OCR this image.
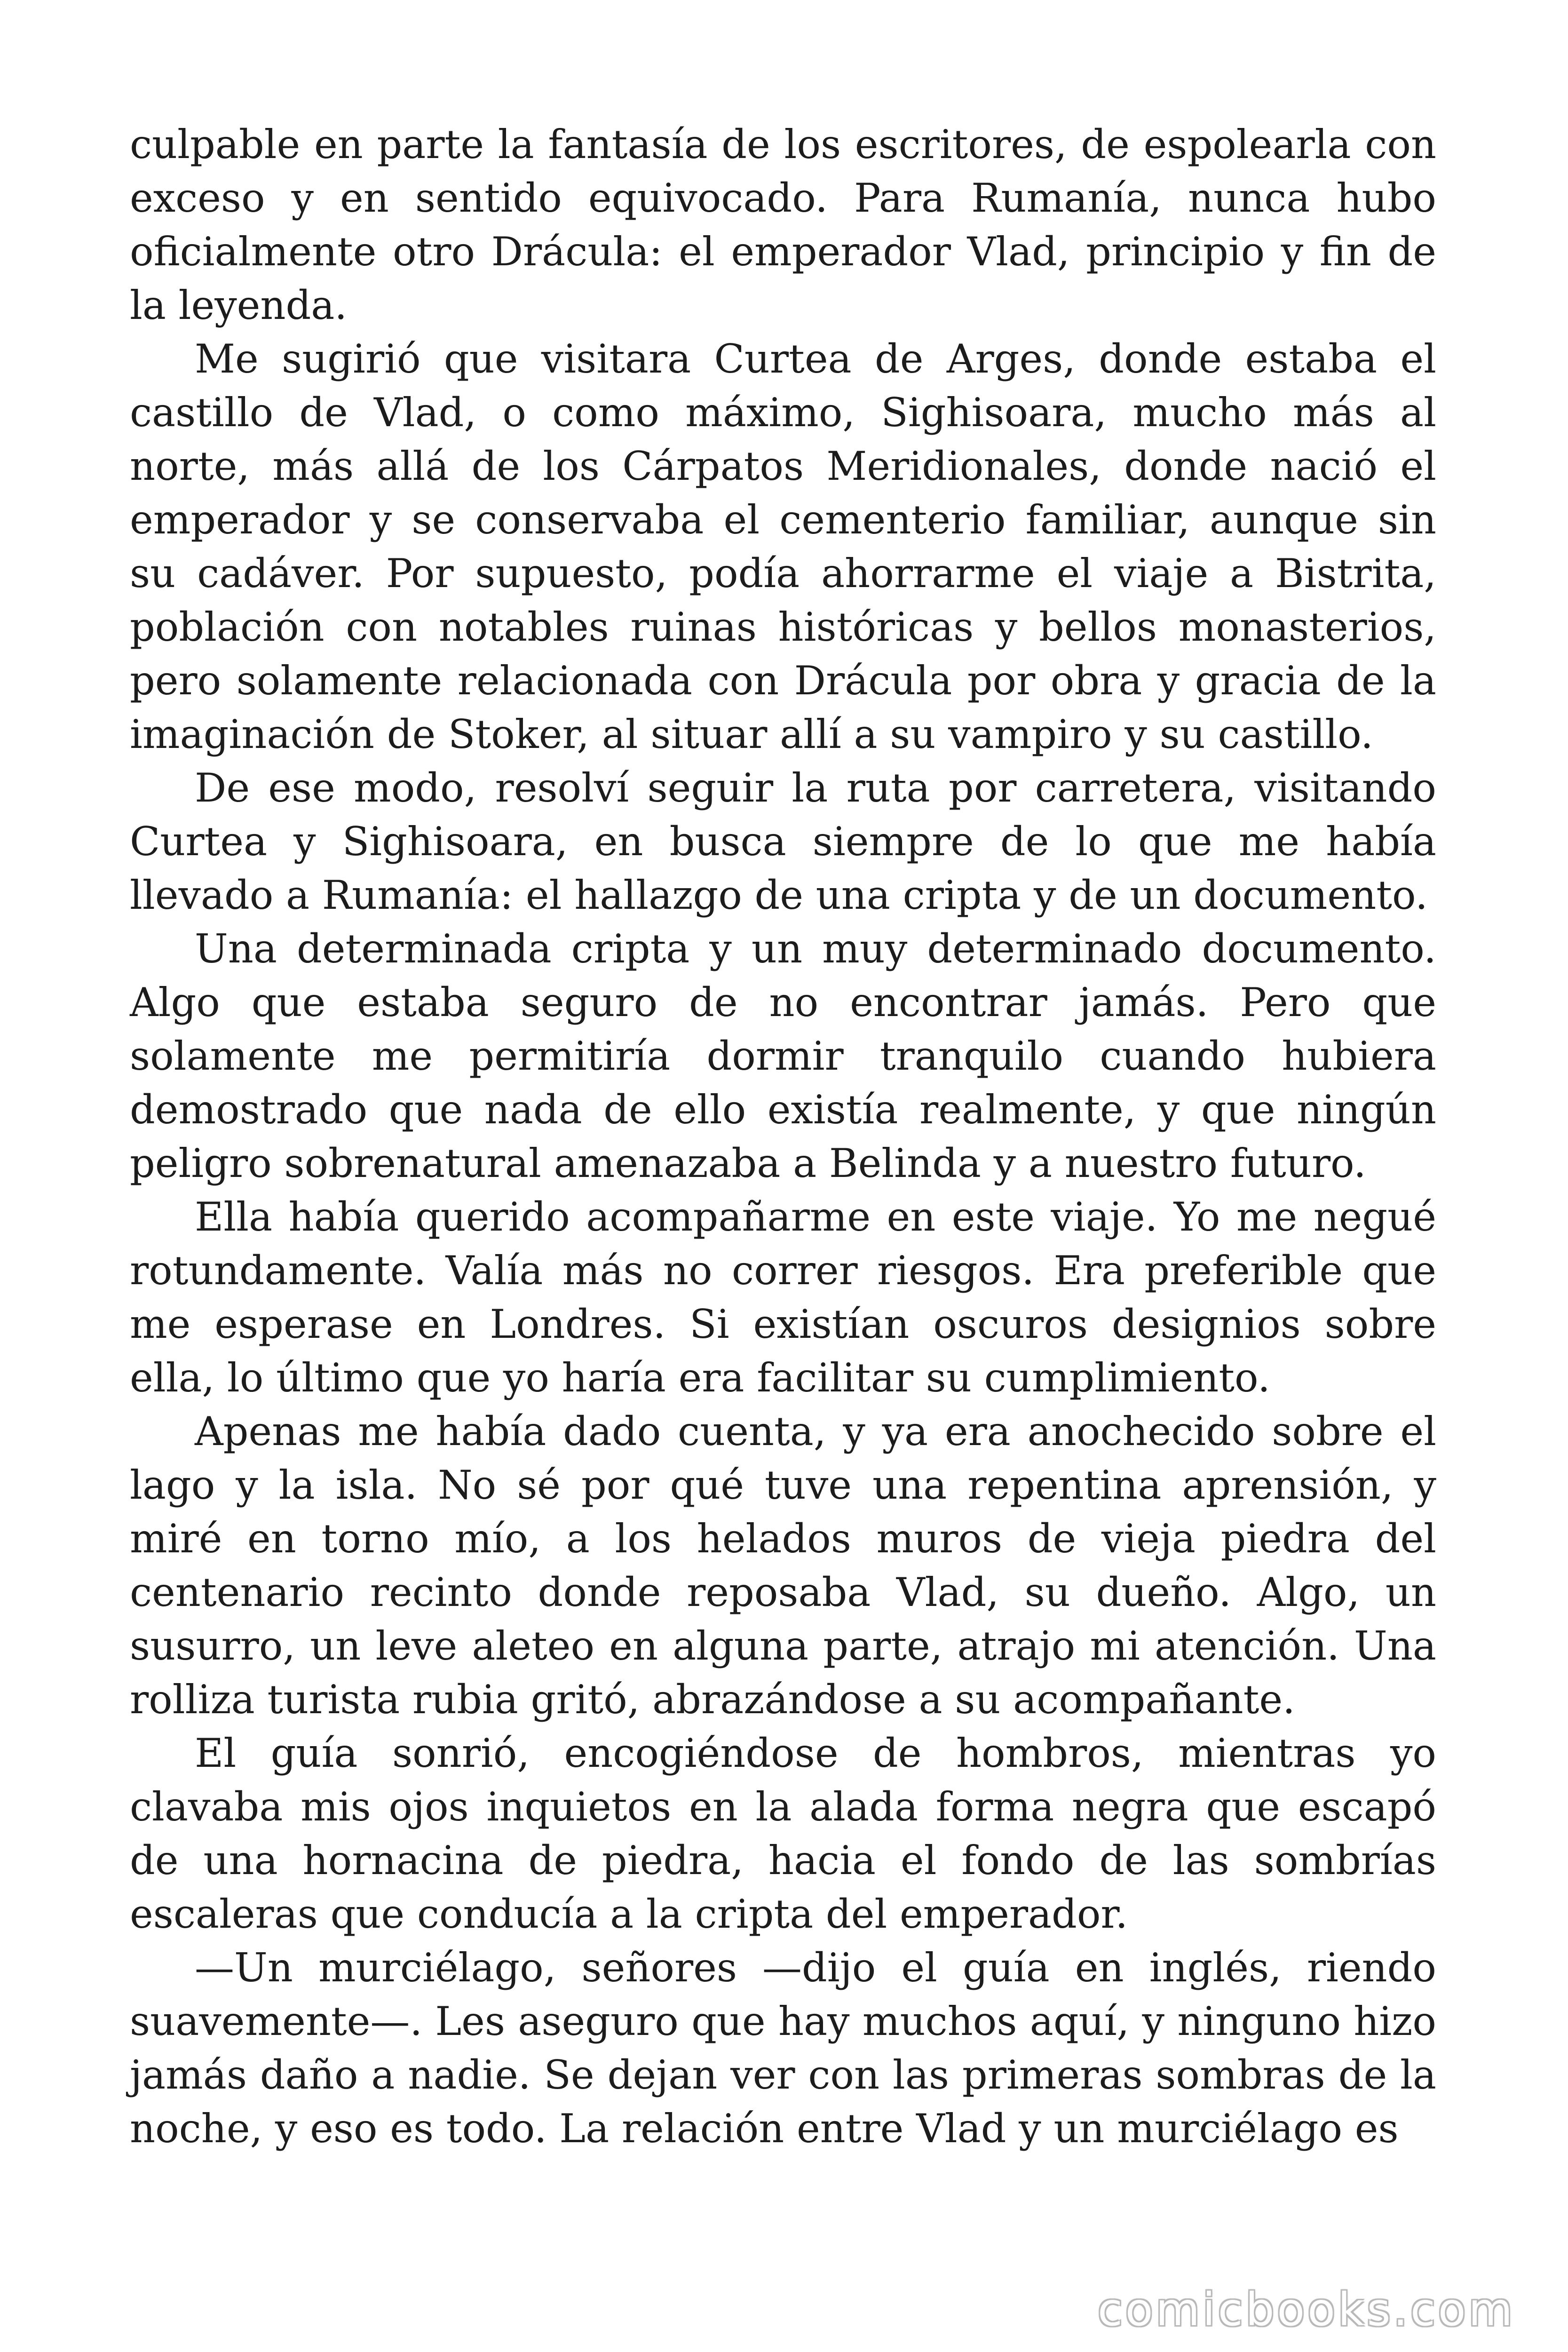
culpable en parte la fantasía de los escritores, de espolearla con exceso y en sentido equivocado. Para Rumanía, nunca hubo oficialmente otro Drácula: el emperador Vlad, principio y fin de la leyenda.

Me sugirió que visitara Curtea de Arges, donde estaba el castillo de Vlad, o como máximo, Sighisoara, mucho más al norte, más allá de los Cárpatos Meridionales, donde nació el emperador y se conservaba el cementerio familiar, aunque sin su cadáver. Por supuesto, podía ahorrarme el viaje a Bistrita, población con notables ruinas históricas y bellos monasterios, pero solamente relacionada con Drácula por obra y gracia de la imaginación de Stoker, al situar allí a su vampiro y su castillo.

De ese modo, resolví seguir la ruta por carretera, visitando Curtea y Sighisoara, en busca siempre de lo que me había llevado a Rumanía: el hallazgo de una cripta y de un documento.

Una determinada cripta y un muy determinado documento. Algo que estaba seguro de no encontrar jamás. Pero que solamente me permitiría dormir tranquilo cuando hubiera demostrado que nada de ello existía realmente, y que ningún peligro sobrenatural amenazaba a Belinda y a nuestro futuro.

Ella había querido acompañarme en este viaje. Yo me negué rotundamente. Valía más no correr riesgos. Era preferible que me esperase en Londres. Si existían oscuros designios sobre ella, lo último que yo haría era facilitar su cumplimiento.

Apenas me había dado cuenta, y ya era anochecido sobre el lago y la isla. No sé por qué tuve una repentina aprensión, y miré en torno mío, a los helados muros de vieja piedra del centenario recinto donde reposaba Vlad, su dueño. Algo, un susurro, un leve aleteo en alguna parte, atrajo mi atención. Una rolliza turista rubia gritó, abrazándose a su acompañante.

El guía sonrió, encogiéndose de hombros, mientras yo clavaba mis ojos inquietos en la alada forma negra que escapó de una hornacina de piedra, hacia el fondo de las sombrías escaleras que conducía a la cripta del emperador.

—Un murciélago, señores —dijo el guía en inglés, riendo suavemente—. Les aseguro que hay muchos aquí, y ninguno hizo jamás daño a nadie. Se dejan ver con las primeras sombras de la noche, y eso es todo. La relación entre Vlad y un murciélago es

comicbooks.com
